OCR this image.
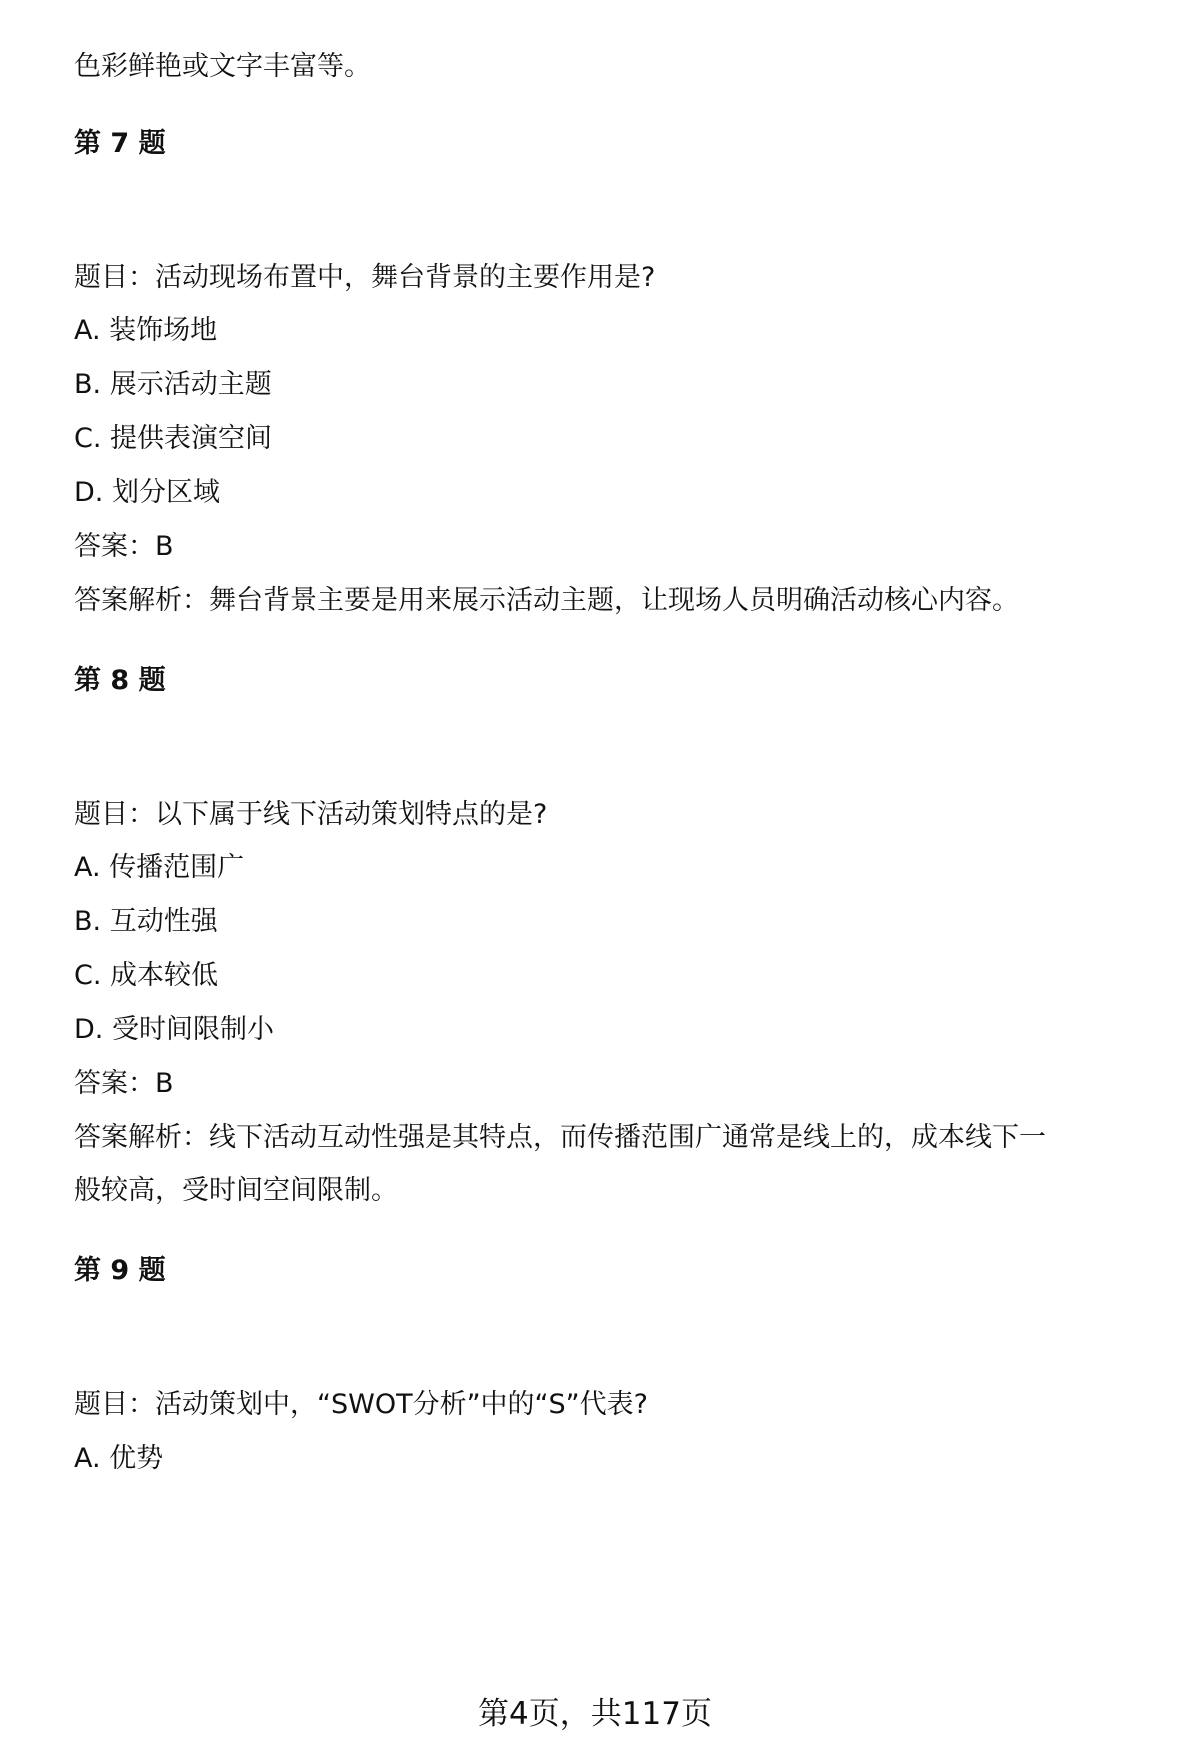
色彩鲜艳或文字丰富等。
第 7 题
题目：活动现场布置中，舞台背景的主要作用是?
A. 装饰场地
B. 展示活动主题
C. 提供表演空间
D. 划分区域
答案：B
答案解析：舞台背景主要是用来展示活动主题，让现场人员明确活动核心内容。
第 8 题
题目：以下属于线下活动策划特点的是?
A. 传播范围广
B. 互动性强
C. 成本较低
D. 受时间限制小
答案：B
答案解析：线下活动互动性强是其特点，而传播范围广通常是线上的，成本线下一
般较高，受时间空间限制。
第 9 题
题目：活动策划中，“SWOT分析”中的“S”代表?
A. 优势
第4页，共117页
